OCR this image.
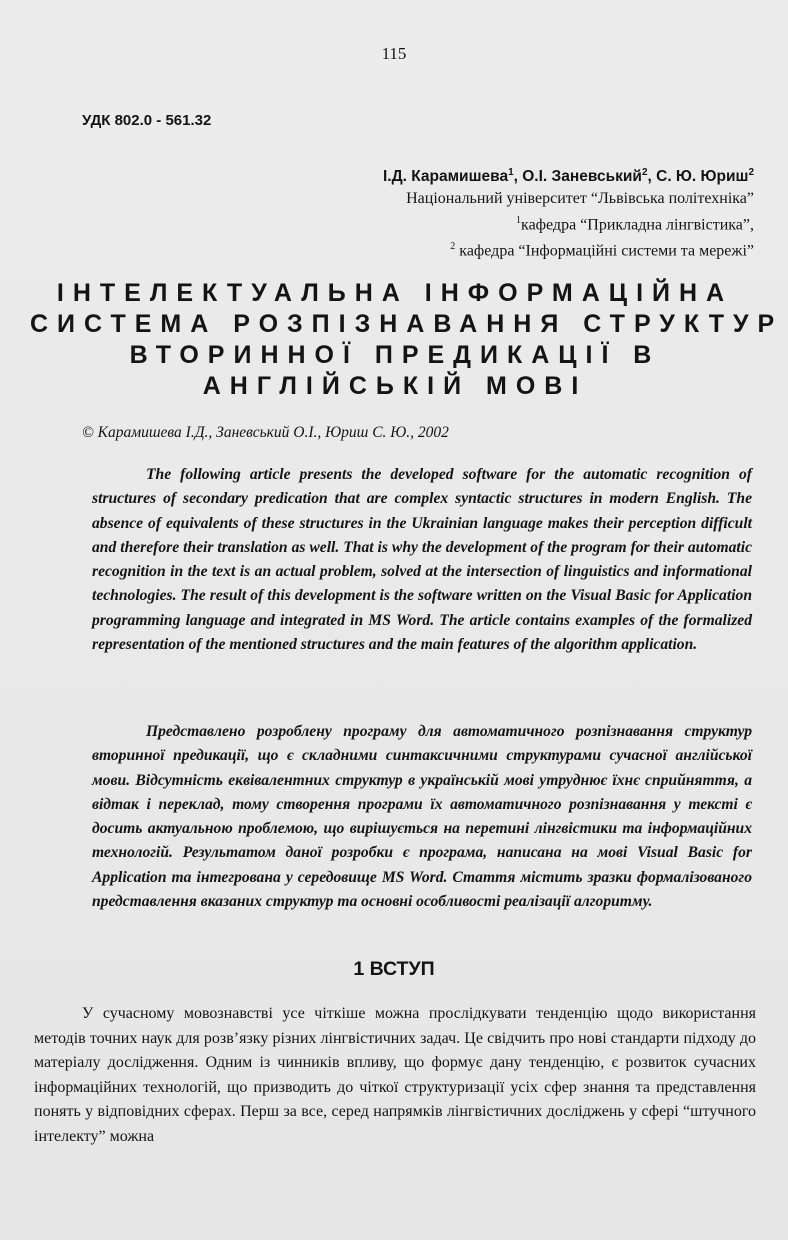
115
УДК 802.0 - 561.32
І.Д. Карамишева$^1$, О.І. Заневський$^2$, С. Ю. Юриш$^2$
Національний університет “Львівська політехніка”
$^1$кафедра “Прикладна лінгвістика”,
$^2$ кафедра “Інформаційні системи та мережі”
ІНТЕЛЕКТУАЛЬНА ІНФОРМАЦІЙНА
СИСТЕМА РОЗПІЗНАВАННЯ СТРУКТУР
ВТОРИННОЇ ПРЕДИКАЦІЇ В
АНГЛІЙСЬКІЙ МОВІ
© Карамишева І.Д., Заневський О.І., Юриш С. Ю., 2002
The following article presents the developed software for the automatic recognition of structures of secondary predication that are complex syntactic structures in modern English. The absence of equivalents of these structures in the Ukrainian language makes their perception difficult and therefore their translation as well. That is why the development of the program for their automatic recognition in the text is an actual problem, solved at the intersection of linguistics and informational technologies. The result of this development is the software written on the Visual Basic for Application programming language and integrated in MS Word. The article contains examples of the formalized representation of the mentioned structures and the main features of the algorithm application.
Представлено розроблену програму для автоматичного розпізнавання структур вторинної предикації, що є складними синтаксичними структурами сучасної англійської мови. Відсутність еквівалентних структур в українській мові утруднює їхнє сприйняття, а відтак і переклад, тому створення програми їх автоматичного розпізнавання у тексті є досить актуальною проблемою, що вирішується на перетині лінгвістики та інформаційних технологій. Результатом даної розробки є програма, написана на мові Visual Basic for Application та інтегрована у середовище MS Word. Стаття містить зразки формалізованого представлення вказаних структур та основні особливості реалізації алгоритму.
1 ВСТУП
У сучасному мовознавстві усе чіткіше можна прослідкувати тенденцію щодо використання методів точних наук для розв’язку різних лінгвістичних задач. Це свідчить про нові стандарти підходу до матеріалу дослідження. Одним із чинників впливу, що формує дану тенденцію, є розвиток сучасних інформаційних технологій, що призводить до чіткої структуризації усіх сфер знання та представлення понять у відповідних сферах. Перш за все, серед напрямків лінгвістичних досліджень у сфері “штучного інтелекту” можна
